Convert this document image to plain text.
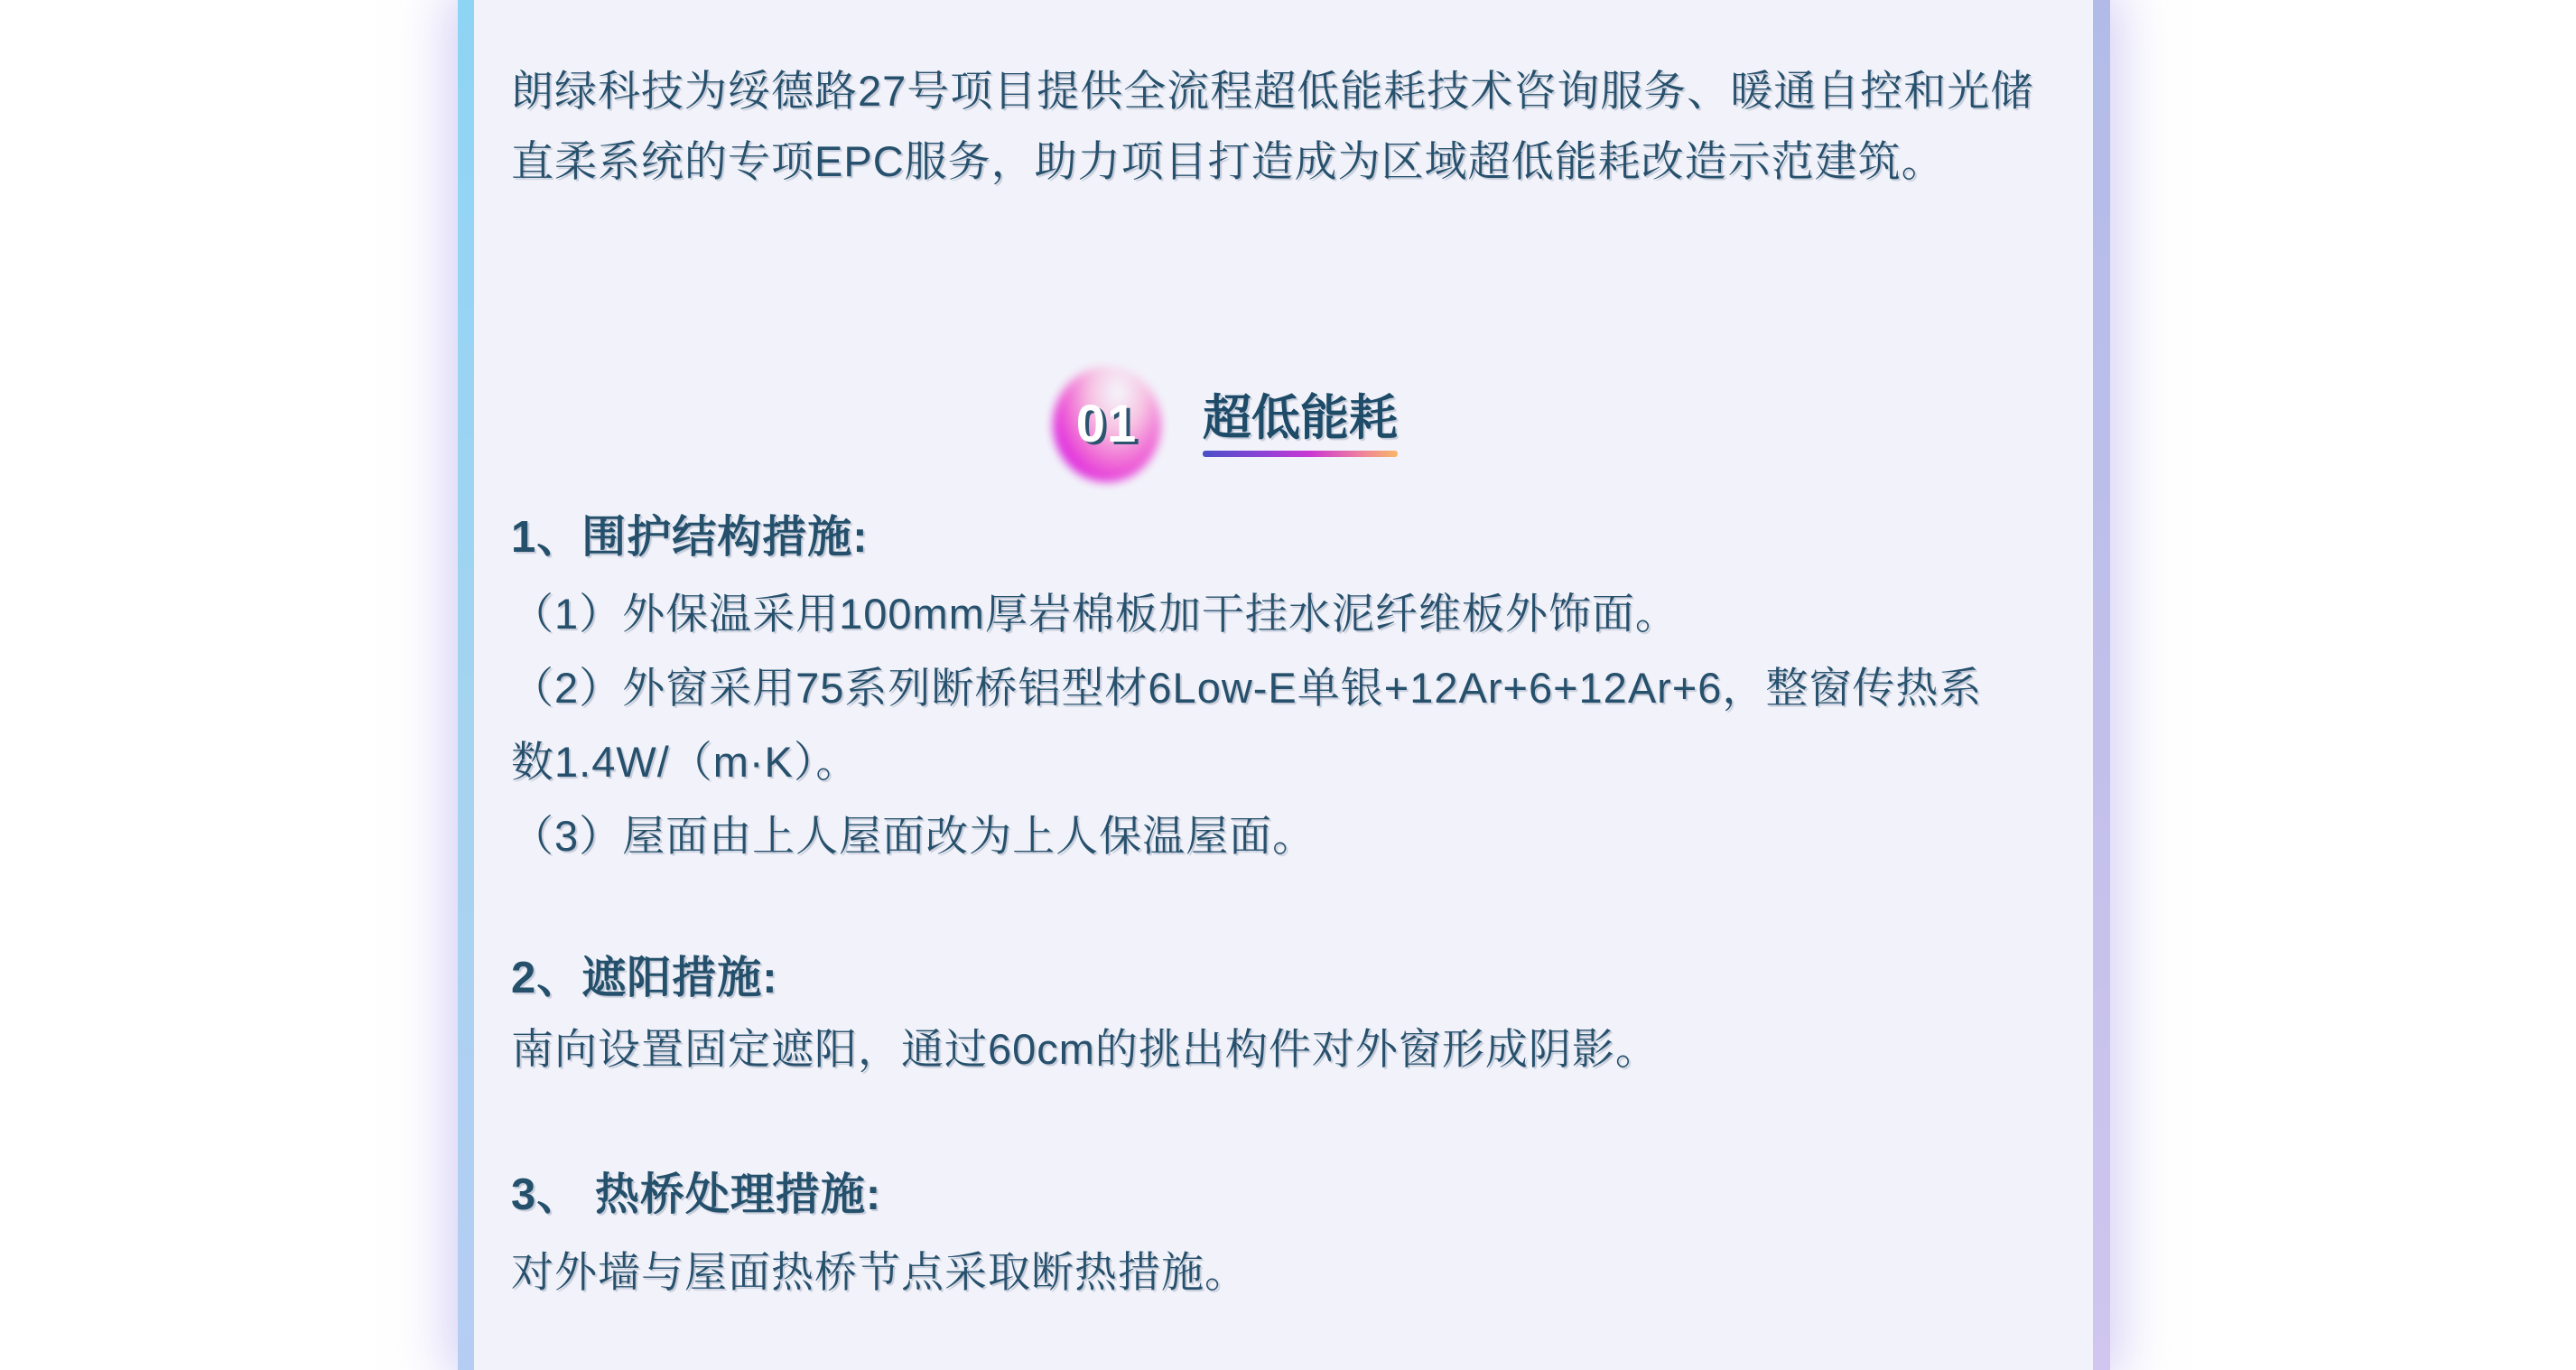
朗绿科技为绥德路27号项目提供全流程超低能耗技术咨询服务、暖通自控和光储
直柔系统的专项EPC服务，助力项目打造成为区域超低能耗改造示范建筑。
01	超低能耗
1、围护结构措施:
（1）外保温采用100mm厚岩棉板加干挂水泥纤维板外饰面。
（2）外窗采用75系列断桥铝型材6Low-E单银+12Ar+6+12Ar+6，整窗传热系
数1.4W/（m·K）。
（3）屋面由上人屋面改为上人保温屋面。
2、遮阳措施:
南向设置固定遮阳，通过60cm的挑出构件对外窗形成阴影。
3、 热桥处理措施:
对外墙与屋面热桥节点采取断热措施。
